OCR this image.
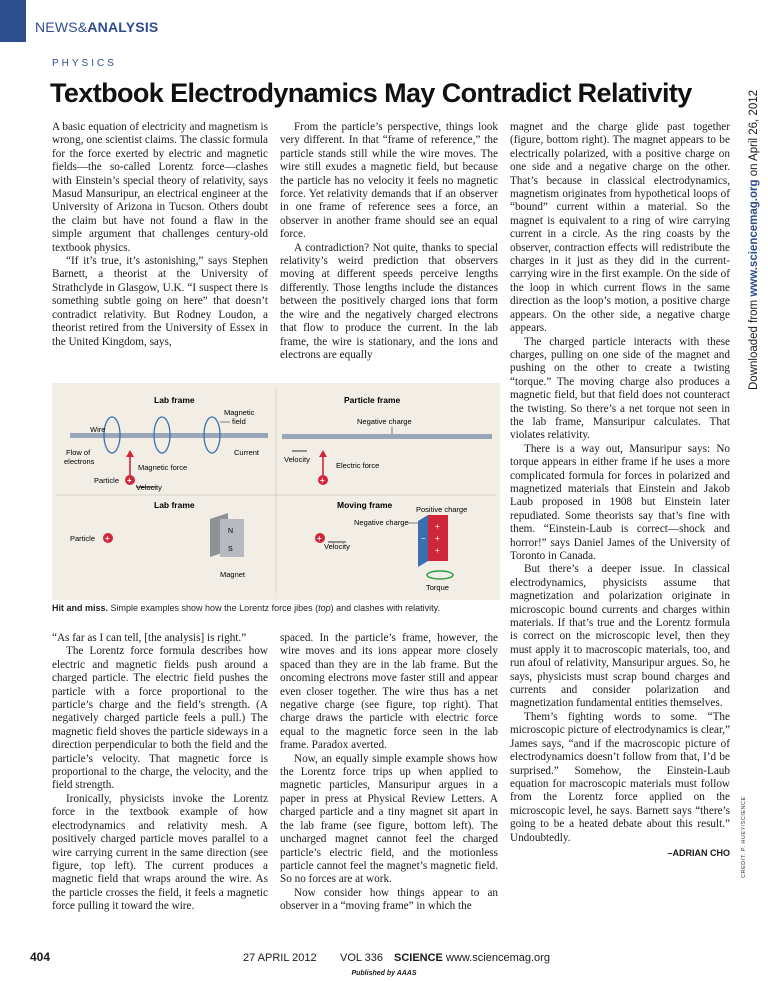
NEWS&ANALYSIS
PHYSICS
Textbook Electrodynamics May Contradict Relativity

A basic equation of electricity and magnetism is wrong, one scientist claims. The classic formula for the force exerted by electric and magnetic fields—the so-called Lorentz force—clashes with Einstein’s special theory of relativity, says Masud Mansuripur, an electrical engineer at the University of Arizona in Tucson. Others doubt the claim but have not found a flaw in the simple argument that challenges century-old textbook physics.

“If it’s true, it’s astonishing,” says Stephen Barnett, a theorist at the University of Strathclyde in Glasgow, U.K. “I suspect there is something subtle going on here” that doesn’t contradict relativity. But Rodney Loudon, a theorist retired from the University of Essex in the United Kingdom, says,

From the particle’s perspective, things look very different. In that “frame of reference,” the particle stands still while the wire moves. The wire still exudes a magnetic field, but because the particle has no velocity it feels no magnetic force. Yet relativity demands that if an observer in one frame of reference sees a force, an observer in another frame should see an equal force.

A contradiction? Not quite, thanks to special relativity’s weird prediction that observers moving at different speeds perceive lengths differently. Those lengths include the distances between the positively charged ions that form the wire and the negatively charged electrons that flow to produce the current. In the lab frame, the wire is stationary, and the ions and electrons are equally

magnet and the charge glide past together (figure, bottom right). The magnet appears to be electrically polarized, with a positive charge on one side and a negative charge on the other. That’s because in classical electrodynamics, magnetism originates from hypothetical loops of “bound” current within a material. So the magnet is equivalent to a ring of wire carrying current in a circle. As the ring coasts by the observer, contraction effects will redistribute the charges in it just as they did in the current-carrying wire in the first example. On the side of the loop in which current flows in the same direction as the loop’s motion, a positive charge appears. On the other side, a negative charge appears.

The charged particle interacts with these charges, pulling on one side of the magnet and pushing on the other to create a twisting “torque.” The moving charge also produces a magnetic field, but that field does not counteract the twisting. So there’s a net torque not seen in the lab frame, Mansuripur calculates. That violates relativity.

There is a way out, Mansuripur says: No torque appears in either frame if he uses a more complicated formula for forces in polarized and magnetized materials that Einstein and Jakob Laub proposed in 1908 but Einstein later repudiated. Some theorists say that’s fine with them. “Einstein-Laub is correct—shock and horror!” says Daniel James of the University of Toronto in Canada.

But there’s a deeper issue. In classical electrodynamics, physicists assume that magnetization and polarization originate in microscopic bound currents and charges within materials. If that’s true and the Lorentz formula is correct on the microscopic level, then they must apply it to macroscopic materials, too, and run afoul of relativity, Mansuripur argues. So, he says, physicists must scrap bound charges and currents and consider polarization and magnetization fundamental entities themselves.

Them’s fighting words to some. “The microscopic picture of electrodynamics is clear,” James says, “and if the macroscopic picture of electrodynamics doesn’t follow from that, I’d be surprised.” Somehow, the Einstein-Laub equation for macroscopic materials must follow from the Lorentz force applied on the microscopic level, he says. Barnett says “there’s going to be a heated debate about this result.” Undoubtedly.

–ADRIAN CHO
Lab frame
Wire
Magnetic
field
Current
Flow of
electrons
Magnetic force
Particle +
Velocity
Particle frame
Negative charge
Velocity
Electric force
+
Lab frame
Particle +
N
S
Magnet
Moving frame	Positive charge
Negative charge	+
+
+
−
+
Velocity
Torque
Hit and miss. Simple examples show how the Lorentz force jibes (top) and clashes with relativity.

“As far as I can tell, [the analysis] is right.”

The Lorentz force formula describes how electric and magnetic fields push around a charged particle. The electric field pushes the particle with a force proportional to the particle’s charge and the field’s strength. (A negatively charged particle feels a pull.) The magnetic field shoves the particle sideways in a direction perpendicular to both the field and the particle’s velocity. That magnetic force is proportional to the charge, the velocity, and the field strength.

Ironically, physicists invoke the Lorentz force in the textbook example of how electrodynamics and relativity mesh. A positively charged particle moves parallel to a wire carrying current in the same direction (see figure, top left). The current produces a magnetic field that wraps around the wire. As the particle crosses the field, it feels a magnetic force pulling it toward the wire.

spaced. In the particle’s frame, however, the wire moves and its ions appear more closely spaced than they are in the lab frame. But the oncoming electrons move faster still and appear even closer together. The wire thus has a net negative charge (see figure, top right). That charge draws the particle with electric force equal to the magnetic force seen in the lab frame. Paradox averted.

Now, an equally simple example shows how the Lorentz force trips up when applied to magnetic particles, Mansuripur argues in a paper in press at Physical Review Letters. A charged particle and a tiny magnet sit apart in the lab frame (see figure, bottom left). The uncharged magnet cannot feel the charged particle’s electric field, and the motionless particle cannot feel the magnet’s magnetic field. So no forces are at work.

Now consider how things appear to an observer in a “moving frame” in which the

Downloaded from www.sciencemag.org on April 26, 2012
CREDIT: P. HUEY/SCIENCE
404	27 APRIL 2012 VOL 336 SCIENCE www.sciencemag.org
Published by AAAS
